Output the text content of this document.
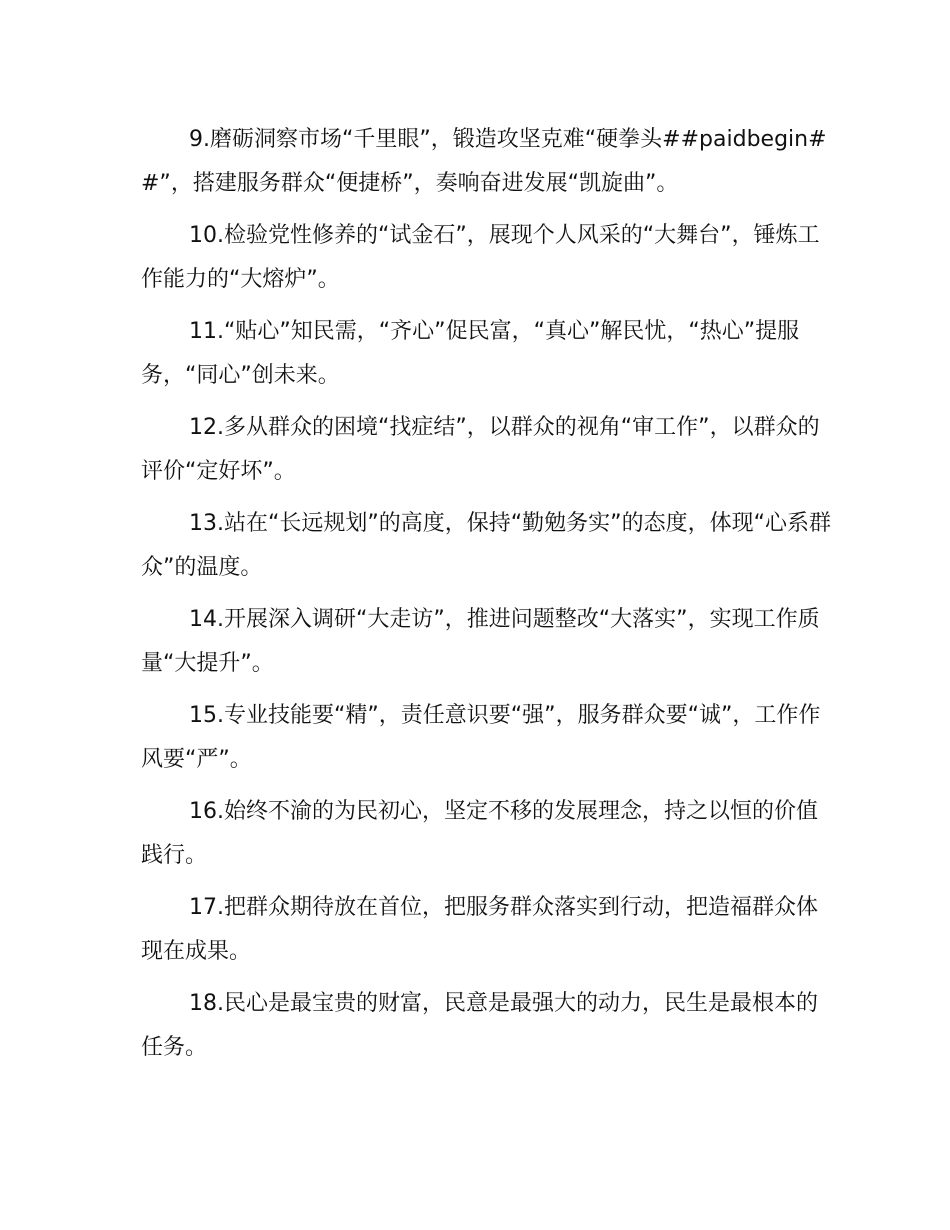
9.磨砺洞察市场“千里眼”，锻造攻坚克难“硬拳头##paidbegin##”，搭建服务群众“便捷桥”，奏响奋进发展“凯旋曲”。

10.检验党性修养的“试金石”，展现个人风采的“大舞台”，锤炼工作能力的“大熔炉”。

11.“贴心”知民需，“齐心”促民富，“真心”解民忧，“热心”提服务，“同心”创未来。

12.多从群众的困境“找症结”，以群众的视角“审工作”，以群众的评价“定好坏”。

13.站在“长远规划”的高度，保持“勤勉务实”的态度，体现“心系群众”的温度。

14.开展深入调研“大走访”，推进问题整改“大落实”，实现工作质量“大提升”。

15.专业技能要“精”，责任意识要“强”，服务群众要“诚”，工作作风要“严”。

16.始终不渝的为民初心，坚定不移的发展理念，持之以恒的价值践行。

17.把群众期待放在首位，把服务群众落实到行动，把造福群众体现在成果。

18.民心是最宝贵的财富，民意是最强大的动力，民生是最根本的任务。
